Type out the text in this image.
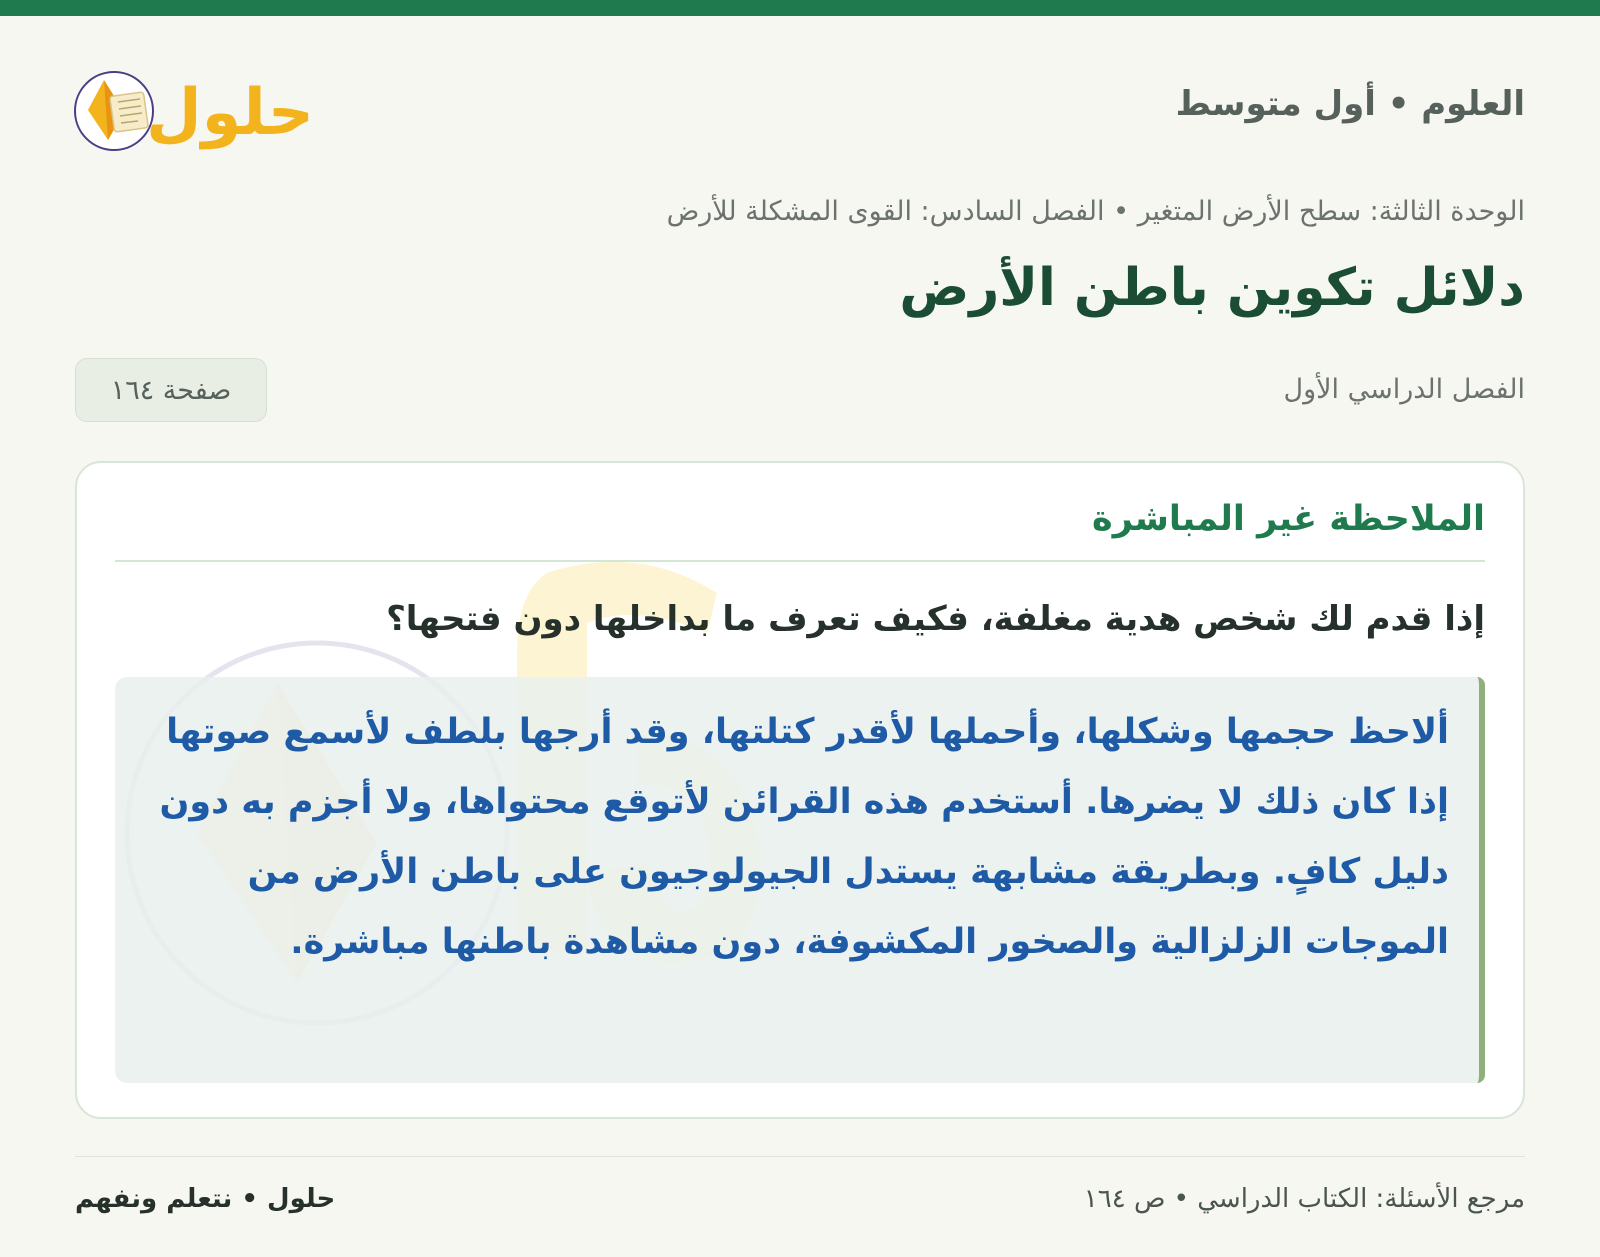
العلوم • أول متوسط
حلول
الوحدة الثالثة: سطح الأرض المتغير • الفصل السادس: القوى المشكلة للأرض
دلائل تكوين باطن الأرض
الفصل الدراسي الأول
صفحة ١٦٤
الملاحظة غير المباشرة
إذا قدم لك شخص هدية مغلفة، فكيف تعرف ما بداخلها دون فتحها؟

ألاحظ حجمها وشكلها، وأحملها لأقدر كتلتها، وقد أرجها بلطف لأسمع صوتها إذا كان ذلك لا يضرها. أستخدم هذه القرائن لأتوقع محتواها، ولا أجزم به دون دليل كافٍ. وبطريقة مشابهة يستدل الجيولوجيون على باطن الأرض من الموجات الزلزالية والصخور المكشوفة، دون مشاهدة باطنها مباشرة.

مرجع الأسئلة: الكتاب الدراسي • ص ١٦٤
حلول • نتعلم ونفهم
